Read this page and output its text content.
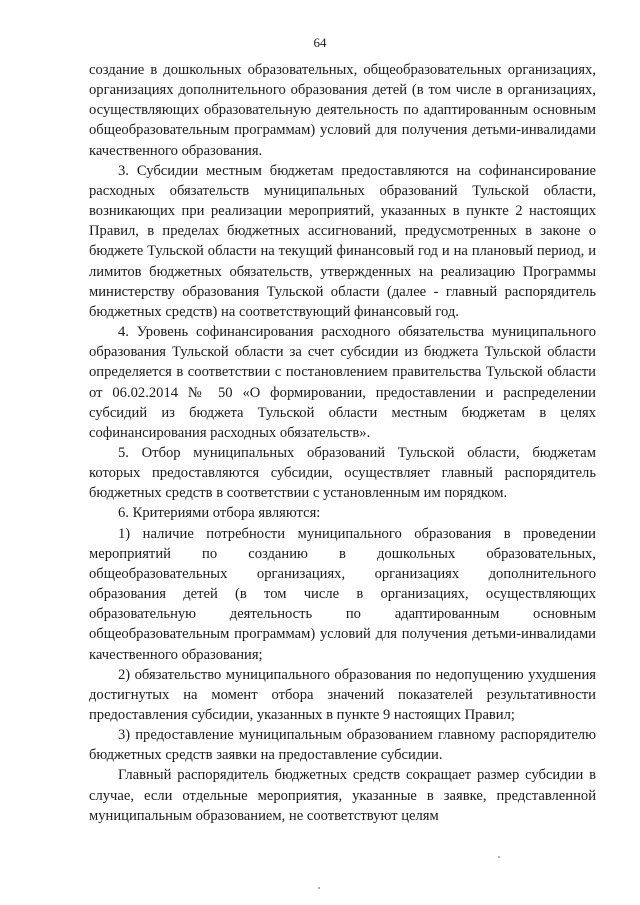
64

создание в дошкольных образовательных, общеобразовательных организациях, организациях дополнительного образования детей (в том числе в организациях, осуществляющих образовательную деятельность по адаптированным основным общеобразовательным программам) условий для получения детьми-инвалидами качественного образования.

3. Субсидии местным бюджетам предоставляются на софинансирование расходных обязательств муниципальных образований Тульской области, возникающих при реализации мероприятий, указанных в пункте 2 настоящих Правил, в пределах бюджетных ассигнований, предусмотренных в законе о бюджете Тульской области на текущий финансовый год и на плановый период, и лимитов бюджетных обязательств, утвержденных на реализацию Программы министерству образования Тульской области (далее - главный распорядитель бюджетных средств) на соответствующий финансовый год.

4. Уровень софинансирования расходного обязательства муниципального образования Тульской области за счет субсидии из бюджета Тульской области определяется в соответствии с постановлением правительства Тульской области от 06.02.2014 № 50 «О формировании, предоставлении и распределении субсидий из бюджета Тульской области местным бюджетам в целях софинансирования расходных обязательств».

5. Отбор муниципальных образований Тульской области, бюджетам которых предоставляются субсидии, осуществляет главный распорядитель бюджетных средств в соответствии с установленным им порядком.

6. Критериями отбора являются:

1) наличие потребности муниципального образования в проведении мероприятий по созданию в дошкольных образовательных, общеобразовательных организациях, организациях дополнительного образования детей (в том числе в организациях, осуществляющих образовательную деятельность по адаптированным основным общеобразовательным программам) условий для получения детьми-инвалидами качественного образования;

2) обязательство муниципального образования по недопущению ухудшения достигнутых на момент отбора значений показателей результативности предоставления субсидии, указанных в пункте 9 настоящих Правил;

3) предоставление муниципальным образованием главному распорядителю бюджетных средств заявки на предоставление субсидии.

Главный распорядитель бюджетных средств сокращает размер субсидии в случае, если отдельные мероприятия, указанные в заявке, представленной муниципальным образованием, не соответствуют целям
